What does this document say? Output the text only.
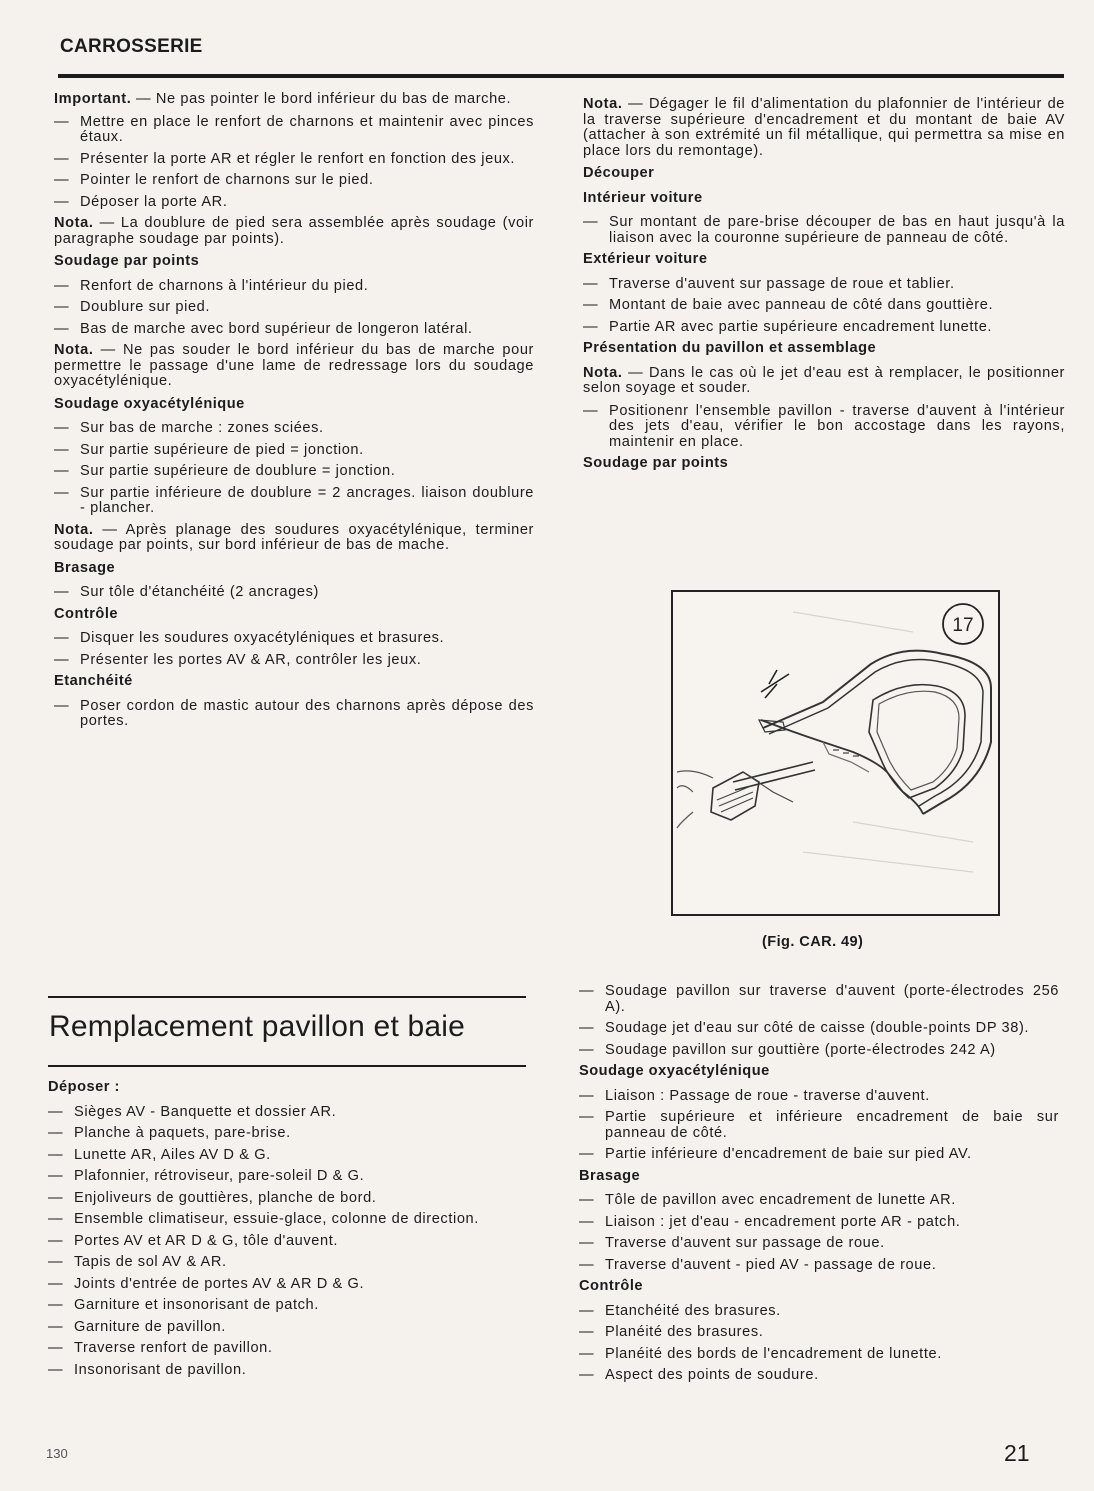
CARROSSERIE
Important. — Ne pas pointer le bord inférieur du bas de marche.
— Mettre en place le renfort de charnons et maintenir avec pinces étaux.
— Présenter la porte AR et régler le renfort en fonction des jeux.
— Pointer le renfort de charnons sur le pied.
— Déposer la porte AR.
Nota. — La doublure de pied sera assemblée après soudage (voir paragraphe soudage par points).
Soudage par points
— Renfort de charnons à l'intérieur du pied.
— Doublure sur pied.
— Bas de marche avec bord supérieur de longeron latéral.
Nota. — Ne pas souder le bord inférieur du bas de marche pour permettre le passage d'une lame de redressage lors du soudage oxyacétylénique.
Soudage oxyacétylénique
— Sur bas de marche : zones sciées.
— Sur partie supérieure de pied = jonction.
— Sur partie supérieure de doublure = jonction.
— Sur partie inférieure de doublure = 2 ancrages. liaison doublure - plancher.
Nota. — Après planage des soudures oxyacétylénique, terminer soudage par points, sur bord inférieur de bas de mache.
Brasage
— Sur tôle d'étanchéité (2 ancrages)
Contrôle
— Disquer les soudures oxyacétyléniques et brasures.
— Présenter les portes AV & AR, contrôler les jeux.
Etanchéité
— Poser cordon de mastic autour des charnons après dépose des portes.
Nota. — Dégager le fil d'alimentation du plafonnier de l'intérieur de la traverse supérieure d'encadrement et du montant de baie AV (attacher à son extrémité un fil métallique, qui permettra sa mise en place lors du remontage).
Découper
Intérieur voiture
— Sur montant de pare-brise découper de bas en haut jusqu'à la liaison avec la couronne supérieure de panneau de côté.
Extérieur voiture
— Traverse d'auvent sur passage de roue et tablier.
— Montant de baie avec panneau de côté dans gouttière.
— Partie AR avec partie supérieure encadrement lunette.
Présentation du pavillon et assemblage
Nota. — Dans le cas où le jet d'eau est à remplacer, le positionner selon soyage et souder.
— Positionenr l'ensemble pavillon - traverse d'auvent à l'intérieur des jets d'eau, vérifier le bon accostage dans les rayons, maintenir en place.
Soudage par points
17
(Fig. CAR. 49)
— Soudage pavillon sur traverse d'auvent (porte-électrodes 256 A).
— Soudage jet d'eau sur côté de caisse (double-points DP 38).
— Soudage pavillon sur gouttière (porte-électrodes 242 A)
Soudage oxyacétylénique
— Liaison : Passage de roue - traverse d'auvent.
— Partie supérieure et inférieure encadrement de baie sur panneau de côté.
— Partie inférieure d'encadrement de baie sur pied AV.
Brasage
— Tôle de pavillon avec encadrement de lunette AR.
— Liaison : jet d'eau - encadrement porte AR - patch.
— Traverse d'auvent sur passage de roue.
— Traverse d'auvent - pied AV - passage de roue.
Contrôle
— Etanchéité des brasures.
— Planéité des brasures.
— Planéité des bords de l'encadrement de lunette.
— Aspect des points de soudure.
Remplacement pavillon et baie
Déposer :
— Sièges AV - Banquette et dossier AR.
— Planche à paquets, pare-brise.
— Lunette AR, Ailes AV D & G.
— Plafonnier, rétroviseur, pare-soleil D & G.
— Enjoliveurs de gouttières, planche de bord.
— Ensemble climatiseur, essuie-glace, colonne de direction.
— Portes AV et AR D & G, tôle d'auvent.
— Tapis de sol AV & AR.
— Joints d'entrée de portes AV & AR D & G.
— Garniture et insonorisant de patch.
— Garniture de pavillon.
— Traverse renfort de pavillon.
— Insonorisant de pavillon.
130	21
